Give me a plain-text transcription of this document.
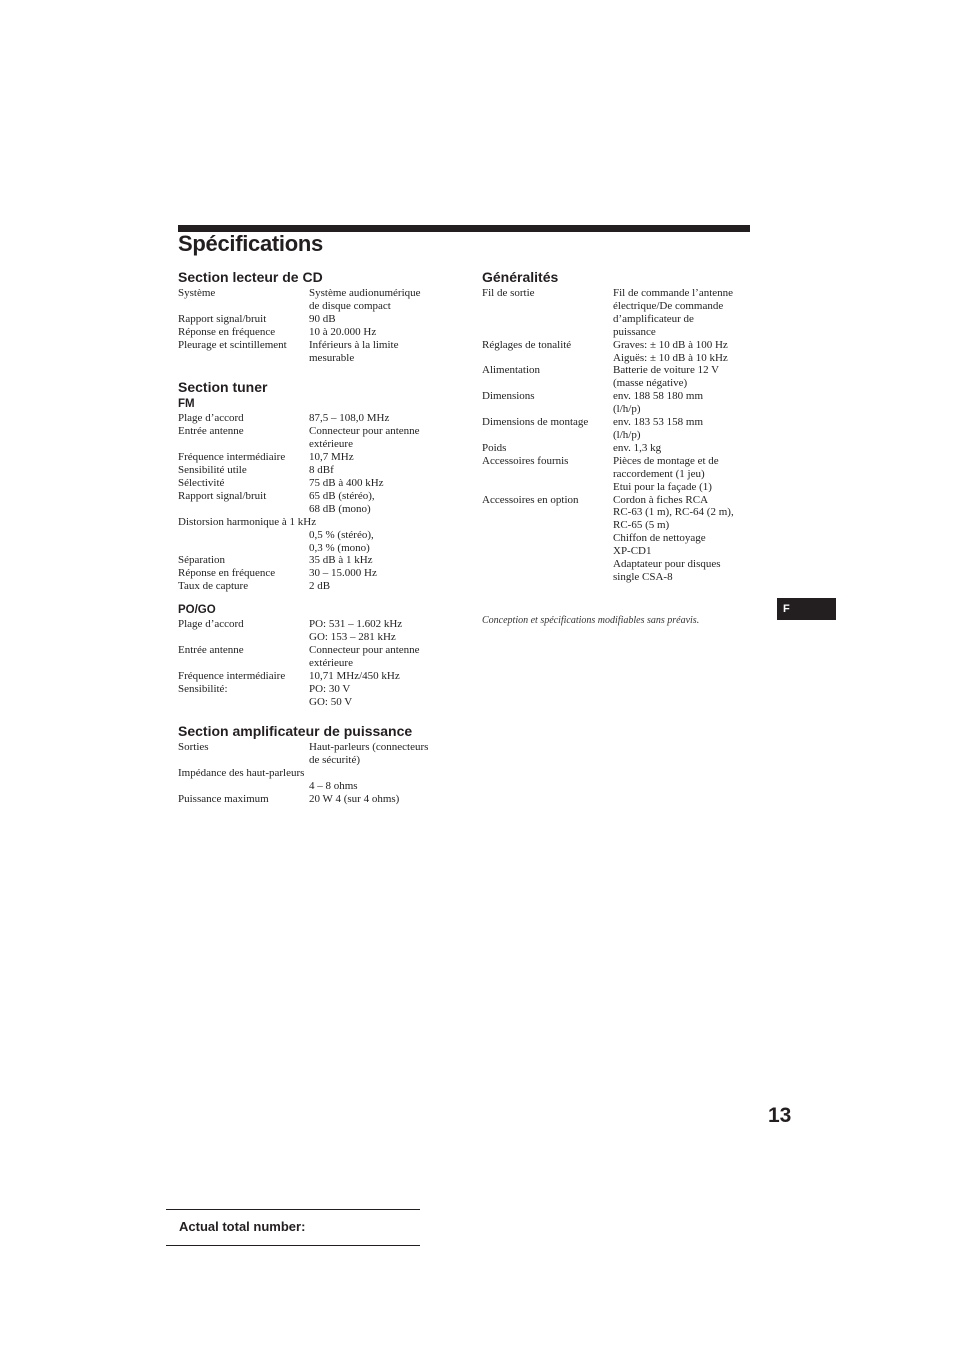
Spécifications
Section lecteur de CD
Système	Système audionumérique
de disque compact
Rapport signal/bruit	90 dB
Réponse en fréquence	10 à 20.000 Hz
Pleurage et scintillement	Inférieurs à la limite
mesurable
Section tuner
FM
Plage d’accord	87,5 – 108,0 MHz
Entrée antenne	Connecteur pour antenne
extérieure
Fréquence intermédiaire	10,7 MHz
Sensibilité utile	8 dBf
Sélectivité	75 dB à 400 kHz
Rapport signal/bruit	65 dB (stéréo),
68 dB (mono)
Distorsion harmonique à 1 kHz
0,5 % (stéréo),
0,3 % (mono)
Séparation	35 dB à 1 kHz
Réponse en fréquence	30 – 15.000 Hz
Taux de capture	2 dB
PO/GO
Plage d’accord	PO: 531 – 1.602 kHz
GO: 153 – 281 kHz
Entrée antenne	Connecteur pour antenne
extérieure
Fréquence intermédiaire	10,71 MHz/450 kHz
Sensibilité:	PO: 30 V
GO: 50 V
Section amplificateur de puissance
Sorties	Haut-parleurs (connecteurs
de sécurité)
Impédance des haut-parleurs
4 – 8 ohms
Puissance maximum	20 W 4 (sur 4 ohms)
Généralités
Fil de sortie	Fil de commande l’antenne
électrique/De commande
d’amplificateur de
puissance
Réglages de tonalité	Graves: ± 10 dB à 100 Hz
Aiguës: ± 10 dB à 10 kHz
Alimentation	Batterie de voiture 12 V
(masse négative)
Dimensions	env. 188 58 180 mm
(l/h/p)
Dimensions de montage	env. 183 53 158 mm
(l/h/p)
Poids	env. 1,3 kg
Accessoires fournis	Pièces de montage et de
raccordement (1 jeu)
Etui pour la façade (1)
Accessoires en option	Cordon à fiches RCA
RC-63 (1 m), RC-64 (2 m),
RC-65 (5 m)
Chiffon de nettoyage
XP-CD1
Adaptateur pour disques
single CSA-8
Conception et spécifications modifiables sans préavis.
F
13
Actual total number:
